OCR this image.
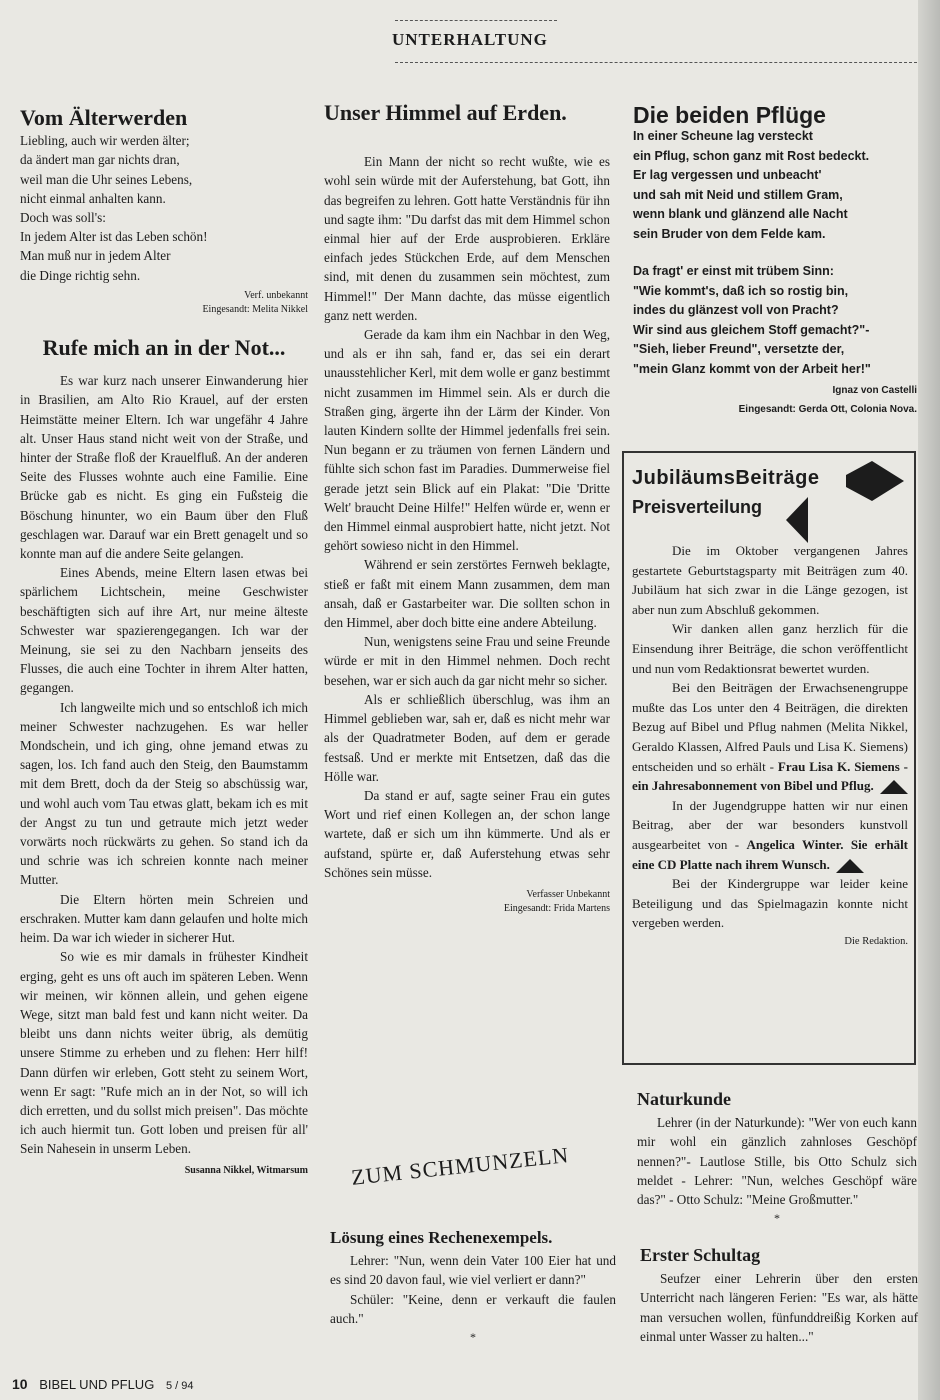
UNTERHALTUNG
Vom Älterwerden
Liebling, auch wir werden älter;
da ändert man gar nichts dran,
weil man die Uhr seines Lebens,
nicht einmal anhalten kann.
Doch was soll's:
In jedem Alter ist das Leben schön!
Man muß nur in jedem Alter
die Dinge richtig sehn.
Verf. unbekannt
Eingesandt: Melita Nikkel
Rufe mich an in der Not...

Es war kurz nach unserer Einwanderung hier in Brasilien, am Alto Rio Krauel, auf der ersten Heimstätte meiner Eltern. Ich war ungefähr 4 Jahre alt. Unser Haus stand nicht weit von der Straße, und hinter der Straße floß der Krauelfluß. An der anderen Seite des Flusses wohnte auch eine Familie. Eine Brücke gab es nicht. Es ging ein Fußsteig die Böschung hinunter, wo ein Baum über den Fluß geschlagen war. Darauf war ein Brett genagelt und so konnte man auf die andere Seite gelangen.

Eines Abends, meine Eltern lasen etwas bei spärlichem Lichtschein, meine Geschwister beschäftigten sich auf ihre Art, nur meine älteste Schwester war spazierengegangen. Ich war der Meinung, sie sei zu den Nachbarn jenseits des Flusses, die auch eine Tochter in ihrem Alter hatten, gegangen.

Ich langweilte mich und so entschloß ich mich meiner Schwester nachzugehen. Es war heller Mondschein, und ich ging, ohne jemand etwas zu sagen, los. Ich fand auch den Steig, den Baumstamm mit dem Brett, doch da der Steig so abschüssig war, und wohl auch vom Tau etwas glatt, bekam ich es mit der Angst zu tun und getraute mich jetzt weder vorwärts noch rückwärts zu gehen. So stand ich da und schrie was ich schreien konnte nach meiner Mutter.

Die Eltern hörten mein Schreien und erschraken. Mutter kam dann gelaufen und holte mich heim. Da war ich wieder in sicherer Hut.

So wie es mir damals in frühester Kindheit erging, geht es uns oft auch im späteren Leben. Wenn wir meinen, wir können allein, und gehen eigene Wege, sitzt man bald fest und kann nicht weiter. Da bleibt uns dann nichts weiter übrig, als demütig unsere Stimme zu erheben und zu flehen: Herr hilf! Dann dürfen wir erleben, Gott steht zu seinem Wort, wenn Er sagt: "Rufe mich an in der Not, so will ich dich erretten, und du sollst mich preisen". Das möchte ich auch hiermit tun. Gott loben und preisen für all' Sein Nahesein in unserm Leben.

Susanna Nikkel, Witmarsum
Unser Himmel auf Erden.

Ein Mann der nicht so recht wußte, wie es wohl sein würde mit der Auferstehung, bat Gott, ihn das begreifen zu lehren. Gott hatte Verständnis für ihn und sagte ihm: "Du darfst das mit dem Himmel schon einmal hier auf der Erde ausprobieren. Erkläre einfach jedes Stückchen Erde, auf dem Menschen sind, mit denen du zusammen sein möchtest, zum Himmel!" Der Mann dachte, das müsse eigentlich ganz nett werden.

Gerade da kam ihm ein Nachbar in den Weg, und als er ihn sah, fand er, das sei ein derart unausstehlicher Kerl, mit dem wolle er ganz bestimmt nicht zusammen im Himmel sein. Als er durch die Straßen ging, ärgerte ihn der Lärm der Kinder. Von lauten Kindern sollte der Himmel jedenfalls frei sein. Nun begann er zu träumen von fernen Ländern und fühlte sich schon fast im Paradies. Dummerweise fiel gerade jetzt sein Blick auf ein Plakat: "Die 'Dritte Welt' braucht Deine Hilfe!" Helfen würde er, wenn er den Himmel einmal ausprobiert hatte, nicht jetzt. Not gehört sowieso nicht in den Himmel.

Während er sein zerstörtes Fernweh beklagte, stieß er faßt mit einem Mann zusammen, dem man ansah, daß er Gastarbeiter war. Die sollten schon in den Himmel, aber doch bitte eine andere Abteilung.

Nun, wenigstens seine Frau und seine Freunde würde er mit in den Himmel nehmen. Doch recht besehen, war er sich auch da gar nicht mehr so sicher.

Als er schließlich überschlug, was ihm an Himmel geblieben war, sah er, daß es nicht mehr war als der Quadratmeter Boden, auf dem er gerade festsaß. Und er merkte mit Entsetzen, daß das die Hölle war.

Da stand er auf, sagte seiner Frau ein gutes Wort und rief einen Kollegen an, der schon lange wartete, daß er sich um ihn kümmerte. Und als er aufstand, spürte er, daß Auferstehung etwas sehr Schönes sein müsse.

Verfasser Unbekannt
Eingesandt: Frida Martens
ZUM SCHMUNZELN
Lösung eines Rechenexempels.

Lehrer: "Nun, wenn dein Vater 100 Eier hat und es sind 20 davon faul, wie viel verliert er dann?"

Schüler: "Keine, denn er verkauft die faulen auch."

*
Die beiden Pflüge
In einer Scheune lag versteckt
ein Pflug, schon ganz mit Rost bedeckt.
Er lag vergessen und unbeacht'
und sah mit Neid und stillem Gram,
wenn blank und glänzend alle Nacht
sein Bruder von dem Felde kam.
Da fragt' er einst mit trübem Sinn:
"Wie kommt's, daß ich so rostig bin,
indes du glänzest voll von Pracht?
Wir sind aus gleichem Stoff gemacht?"-
"Sieh, lieber Freund", versetzte der,
"mein Glanz kommt von der Arbeit her!"
Ignaz von Castelli
Eingesandt: Gerda Ott, Colonia Nova.
JubiläumsBeiträge
Preisverteilung

Die im Oktober vergangenen Jahres gestartete Geburtstagsparty mit Beiträgen zum 40. Jubiläum hat sich zwar in die Länge gezogen, ist aber nun zum Abschluß gekommen.

Wir danken allen ganz herzlich für die Einsendung ihrer Beiträge, die schon veröffentlicht und nun vom Redaktionsrat bewertet wurden.

Bei den Beiträgen der Erwachsenengruppe mußte das Los unter den 4 Beiträgen, die direkten Bezug auf Bibel und Pflug nahmen (Melita Nikkel, Geraldo Klassen, Alfred Pauls und Lisa K. Siemens) entscheiden und so erhält - Frau Lisa K. Siemens - ein Jahresabonnement von Bibel und Pflug.

In der Jugendgruppe hatten wir nur einen Beitrag, aber der war besonders kunstvoll ausgearbeitet von - Angelica Winter. Sie erhält eine CD Platte nach ihrem Wunsch.

Bei der Kindergruppe war leider keine Beteiligung und das Spielmagazin konnte nicht vergeben werden.

Die Redaktion.
Naturkunde

Lehrer (in der Naturkunde): "Wer von euch kann mir wohl ein gänzlich zahnloses Geschöpf nennen?"- Lautlose Stille, bis Otto Schulz sich meldet - Lehrer: "Nun, welches Geschöpf wäre das?" - Otto Schulz: "Meine Großmutter."

*
Erster Schultag

Seufzer einer Lehrerin über den ersten Unterricht nach längeren Ferien: "Es war, als hätte man versuchen wollen, fünfunddreißig Korken auf einmal unter Wasser zu halten..."

10 BIBEL UND PFLUG 5 / 94
